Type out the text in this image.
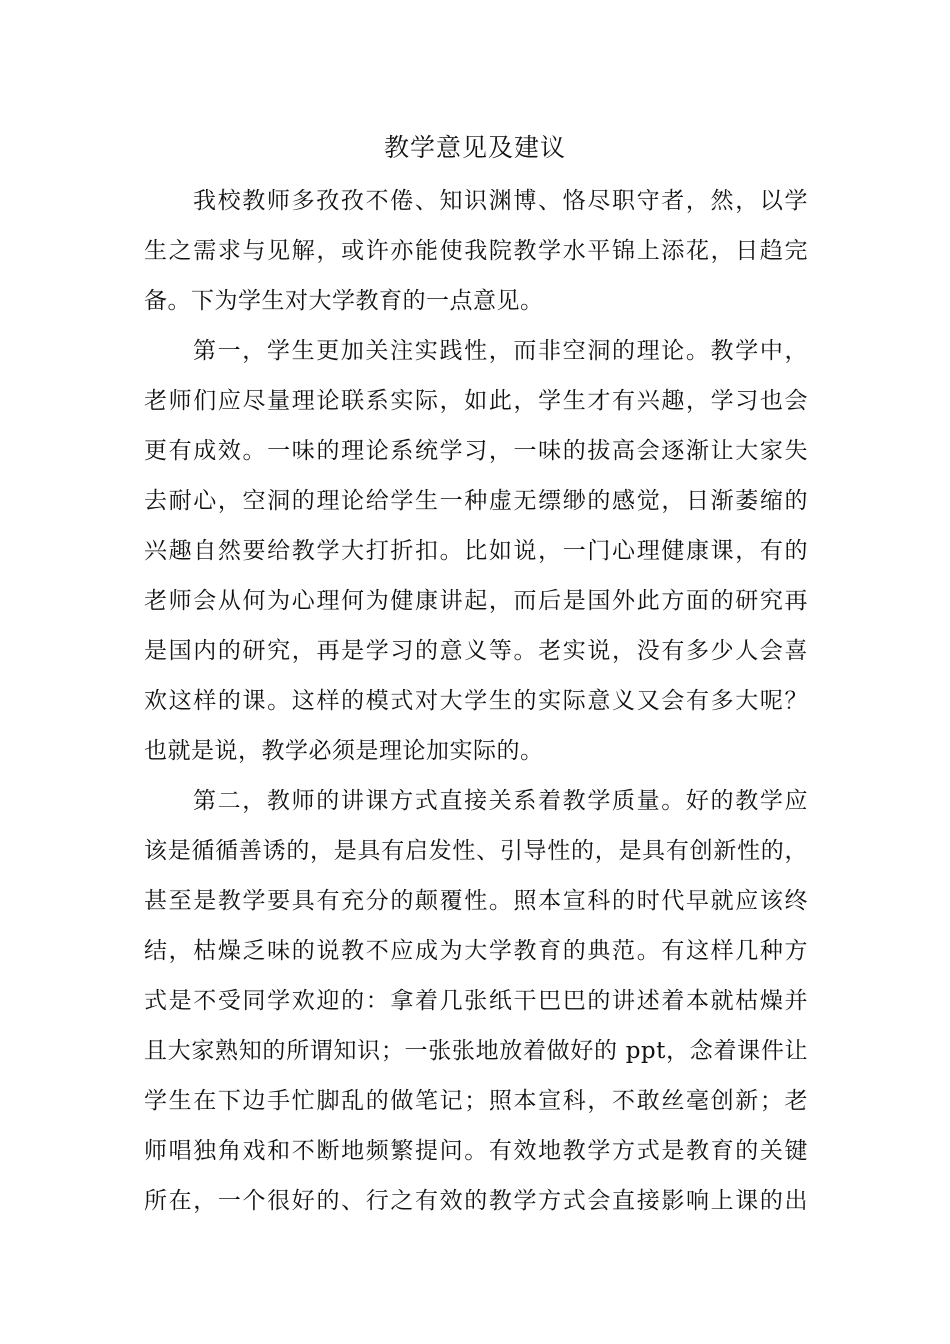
教学意见及建议
我校教师多孜孜不倦、知识渊博、恪尽职守者，然，以学
生之需求与见解，或许亦能使我院教学水平锦上添花，日趋完
备。下为学生对大学教育的一点意见。
第一，学生更加关注实践性，而非空洞的理论。教学中，
老师们应尽量理论联系实际，如此，学生才有兴趣，学习也会
更有成效。一味的理论系统学习，一味的拔高会逐渐让大家失
去耐心，空洞的理论给学生一种虚无缥缈的感觉，日渐萎缩的
兴趣自然要给教学大打折扣。比如说，一门心理健康课，有的
老师会从何为心理何为健康讲起，而后是国外此方面的研究再
是国内的研究，再是学习的意义等。老实说，没有多少人会喜
欢这样的课。这样的模式对大学生的实际意义又会有多大呢？
也就是说，教学必须是理论加实际的。
第二，教师的讲课方式直接关系着教学质量。好的教学应
该是循循善诱的，是具有启发性、引导性的，是具有创新性的，
甚至是教学要具有充分的颠覆性。照本宣科的时代早就应该终
结，枯燥乏味的说教不应成为大学教育的典范。有这样几种方
式是不受同学欢迎的：拿着几张纸干巴巴的讲述着本就枯燥并
且大家熟知的所谓知识；一张张地放着做好的 ppt，念着课件让
学生在下边手忙脚乱的做笔记；照本宣科，不敢丝毫创新；老
师唱独角戏和不断地频繁提问。有效地教学方式是教育的关键
所在，一个很好的、行之有效的教学方式会直接影响上课的出
